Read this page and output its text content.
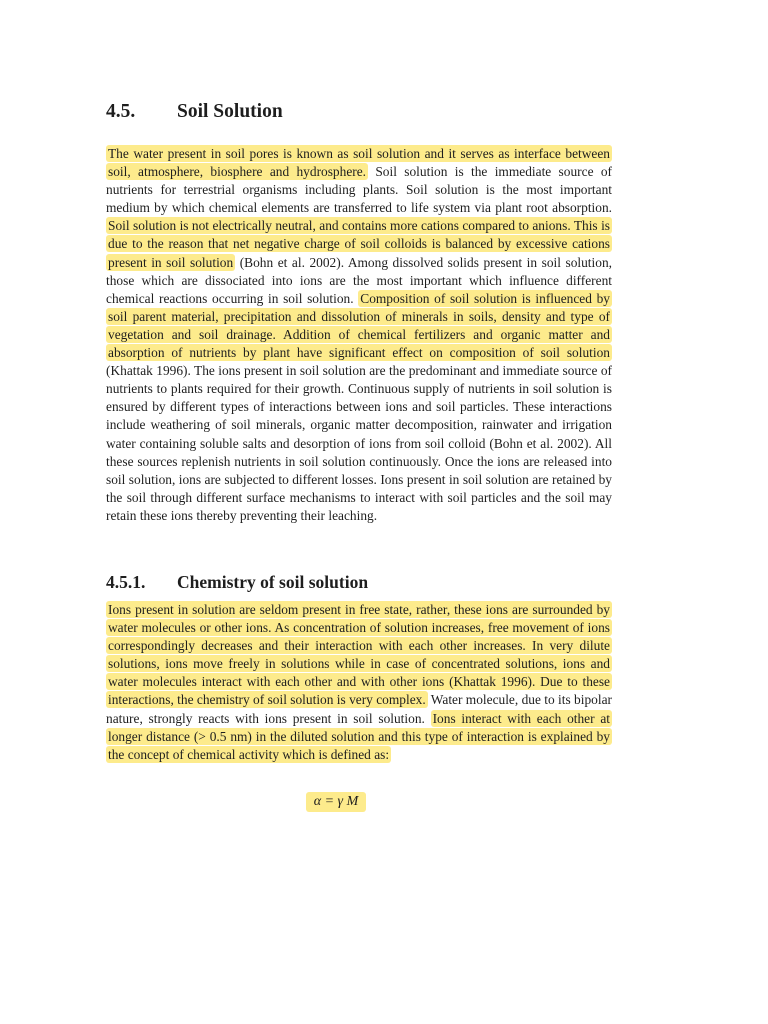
4.5. Soil Solution

The water present in soil pores is known as soil solution and it serves as interface between soil, atmosphere, biosphere and hydrosphere. Soil solution is the immediate source of nutrients for terrestrial organisms including plants. Soil solution is the most important medium by which chemical elements are transferred to life system via plant root absorption. Soil solution is not electrically neutral, and contains more cations compared to anions. This is due to the reason that net negative charge of soil colloids is balanced by excessive cations present in soil solution (Bohn et al. 2002). Among dissolved solids present in soil solution, those which are dissociated into ions are the most important which influence different chemical reactions occurring in soil solution. Composition of soil solution is influenced by soil parent material, precipitation and dissolution of minerals in soils, density and type of vegetation and soil drainage. Addition of chemical fertilizers and organic matter and absorption of nutrients by plant have significant effect on composition of soil solution (Khattak 1996). The ions present in soil solution are the predominant and immediate source of nutrients to plants required for their growth. Continuous supply of nutrients in soil solution is ensured by different types of interactions between ions and soil particles. These interactions include weathering of soil minerals, organic matter decomposition, rainwater and irrigation water containing soluble salts and desorption of ions from soil colloid (Bohn et al. 2002). All these sources replenish nutrients in soil solution continuously. Once the ions are released into soil solution, ions are subjected to different losses. Ions present in soil solution are retained by the soil through different surface mechanisms to interact with soil particles and the soil may retain these ions thereby preventing their leaching.

4.5.1. Chemistry of soil solution

Ions present in solution are seldom present in free state, rather, these ions are surrounded by water molecules or other ions. As concentration of solution increases, free movement of ions correspondingly decreases and their interaction with each other increases. In very dilute solutions, ions move freely in solutions while in case of concentrated solutions, ions and water molecules interact with each other and with other ions (Khattak 1996). Due to these interactions, the chemistry of soil solution is very complex. Water molecule, due to its bipolar nature, strongly reacts with ions present in soil solution. Ions interact with each other at longer distance (> 0.5 nm) in the diluted solution and this type of interaction is explained by the concept of chemical activity which is defined as:

α = γ M
